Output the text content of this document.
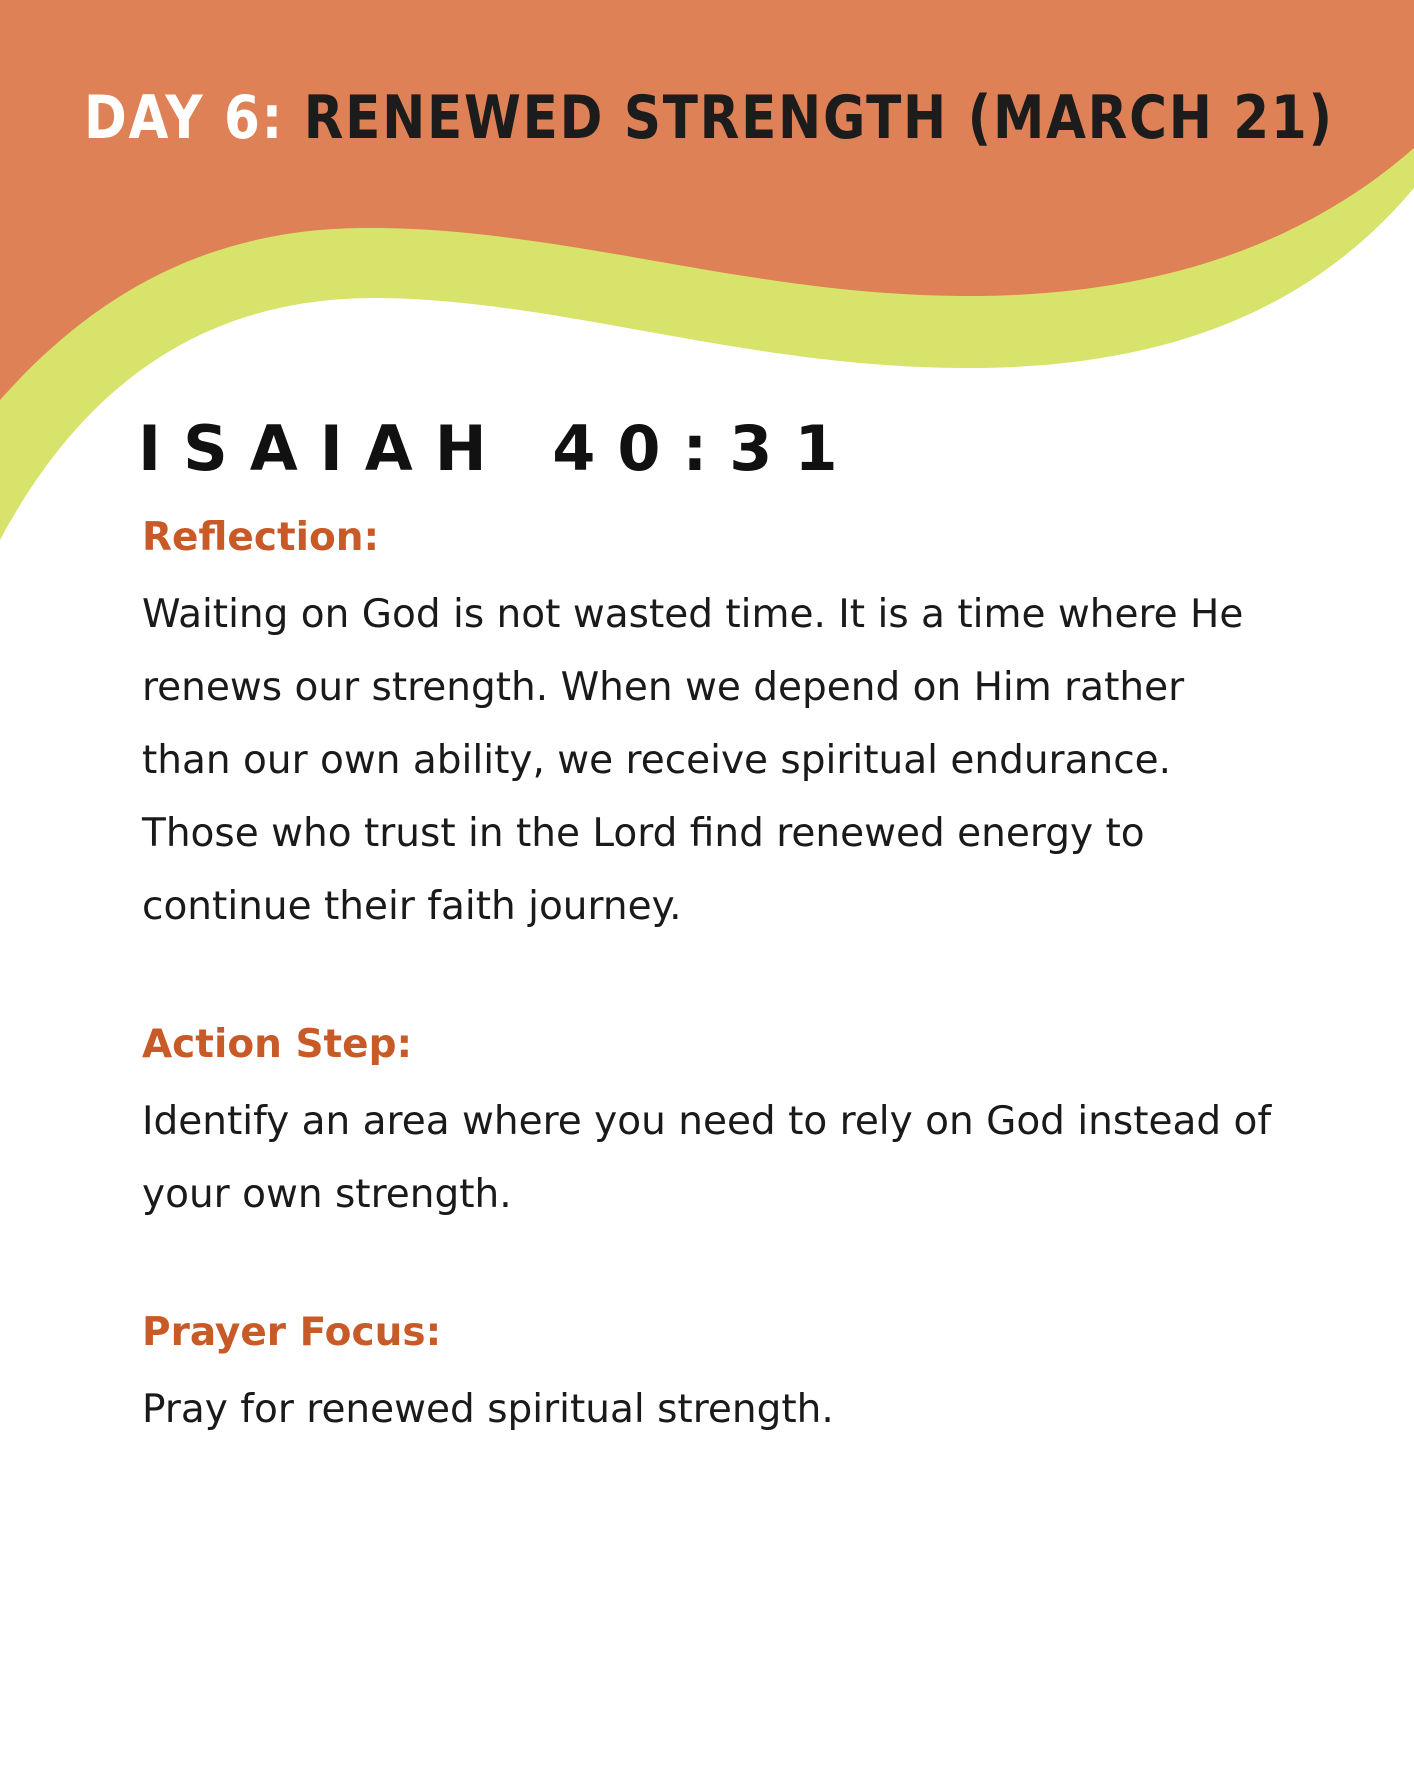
DAY 6: RENEWED STRENGTH (MARCH 21)
ISAIAH 40:31
Reflection:

Waiting on God is not wasted time. It is a time where He renews our strength. When we depend on Him rather than our own ability, we receive spiritual endurance. Those who trust in the Lord find renewed energy to continue their faith journey.

Action Step:

Identify an area where you need to rely on God instead of your own strength.

Prayer Focus:

Pray for renewed spiritual strength.
